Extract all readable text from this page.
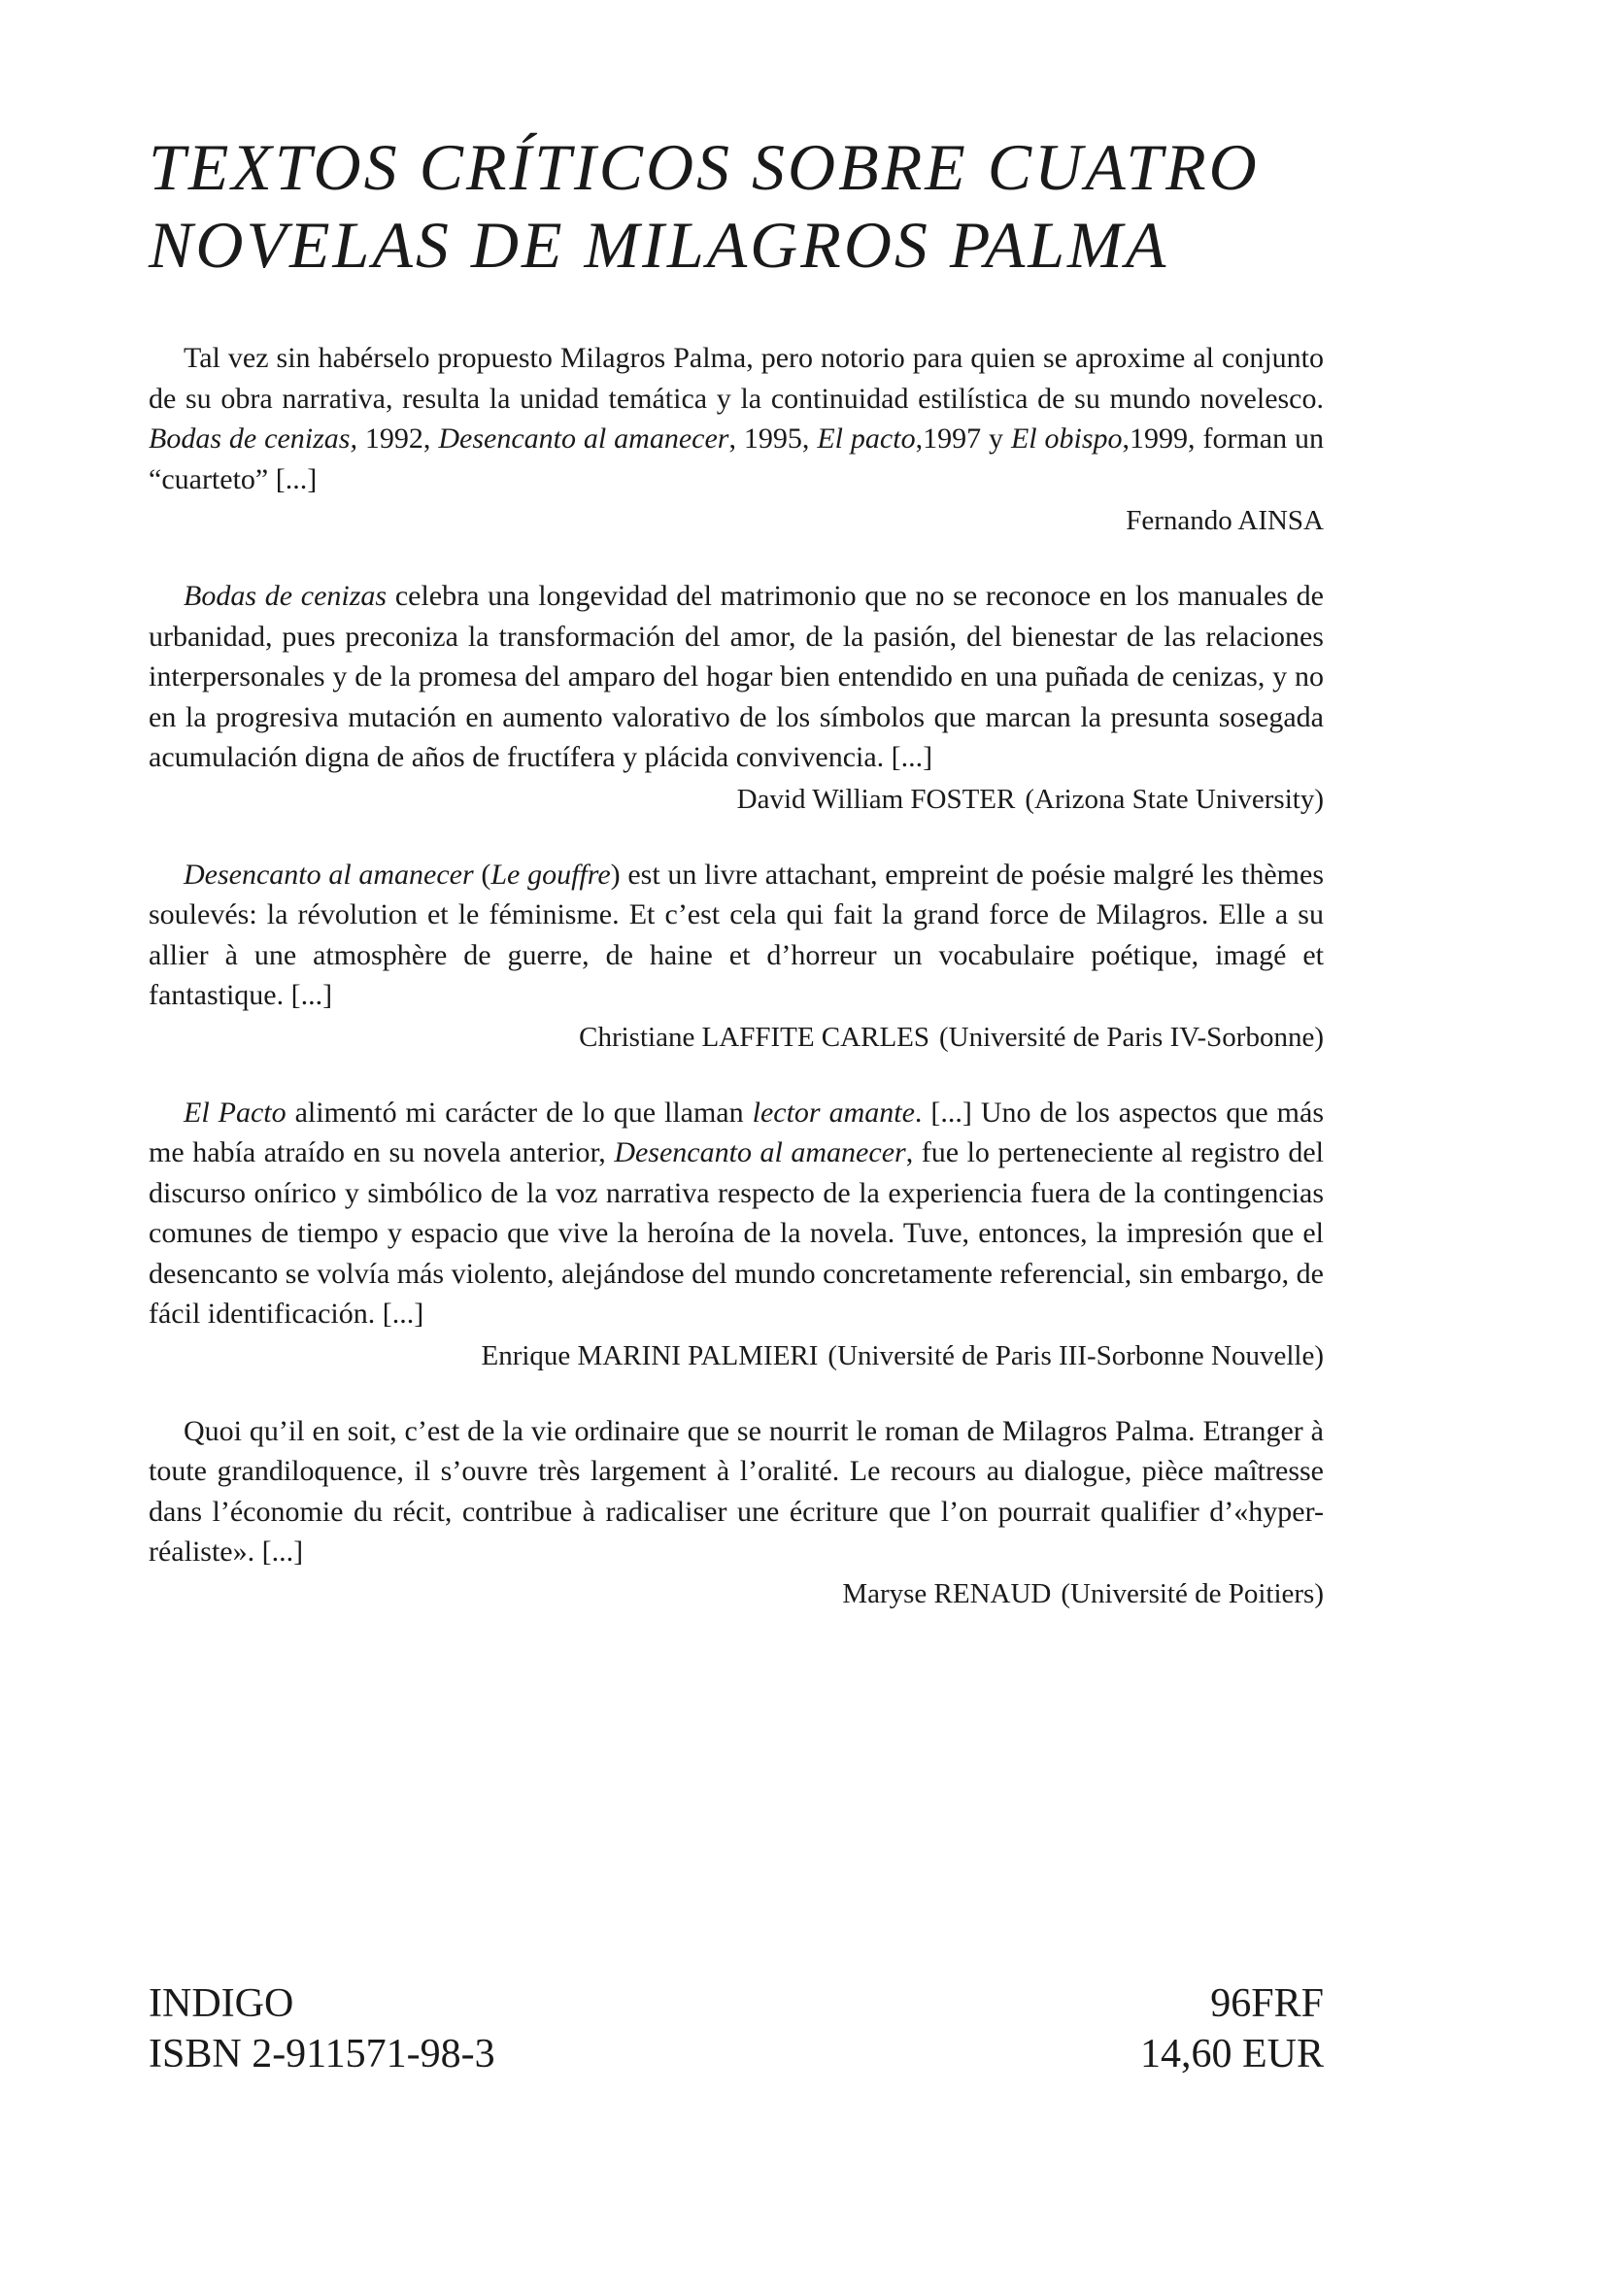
TEXTOS CRÍTICOS SOBRE CUATRO
NOVELAS DE MILAGROS PALMA

Tal vez sin habérselo propuesto Milagros Palma, pero notorio para quien se aproxime al conjunto de su obra narrativa, resulta la unidad temática y la continuidad estilística de su mundo novelesco. Bodas de cenizas, 1992, Desencanto al amanecer, 1995, El pacto,1997 y El obispo,1999, forman un “cuarteto” [...]

Fernando AINSA

Bodas de cenizas celebra una longevidad del matrimonio que no se reconoce en los manuales de urbanidad, pues preconiza la transformación del amor, de la pasión, del bienestar de las relaciones interpersonales y de la promesa del amparo del hogar bien entendido en una puñada de cenizas, y no en la progresiva mutación en aumento valorativo de los símbolos que marcan la presunta sosegada acumulación digna de años de fructífera y plácida convivencia. [...]

David William FOSTER (Arizona State University)

Desencanto al amanecer (Le gouffre) est un livre attachant, empreint de poésie malgré les thèmes soulevés: la révolution et le féminisme. Et c’est cela qui fait la grand force de Milagros. Elle a su allier à une atmosphère de guerre, de haine et d’horreur un vocabulaire poétique, imagé et fantastique. [...]

Christiane LAFFITE CARLES (Université de Paris IV-Sorbonne)

El Pacto alimentó mi carácter de lo que llaman lector amante. [...] Uno de los aspectos que más me había atraído en su novela anterior, Desencanto al amanecer, fue lo perteneciente al registro del discurso onírico y simbólico de la voz narrativa respecto de la experiencia fuera de la contingencias comunes de tiempo y espacio que vive la heroína de la novela. Tuve, entonces, la impresión que el desencanto se volvía más violento, alejándose del mundo concretamente referencial, sin embargo, de fácil identificación. [...]

Enrique MARINI PALMIERI (Université de Paris III-Sorbonne Nouvelle)

Quoi qu’il en soit, c’est de la vie ordinaire que se nourrit le roman de Milagros Palma. Etranger à toute grandiloquence, il s’ouvre très largement à l’oralité. Le recours au dialogue, pièce maîtresse dans l’économie du récit, contribue à radicaliser une écriture que l’on pourrait qualifier d’«hyper-réaliste». [...]

Maryse RENAUD (Université de Poitiers)
INDIGO
ISBN 2-911571-98-3
96FRF
14,60 EUR
